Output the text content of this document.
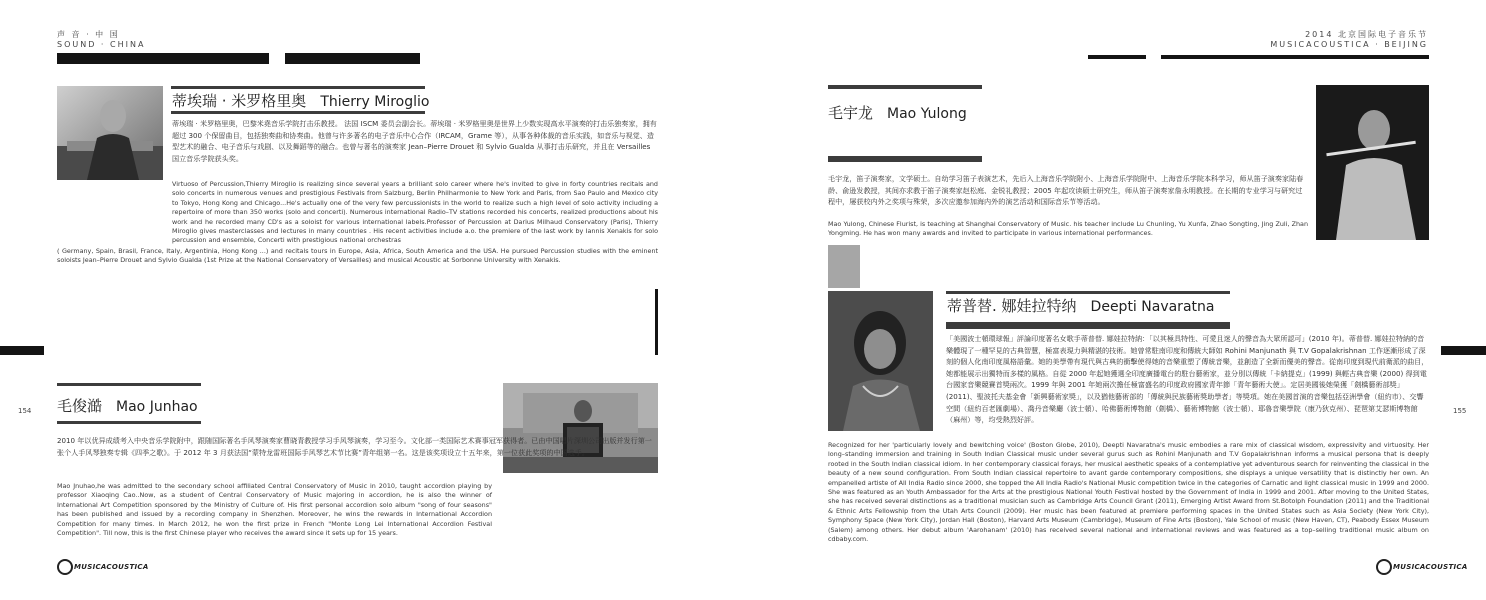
声 音 · 中 国
SOUND · CHINA
2014 北京国际电子音乐节
MUSICACOUSTICA · BEIJING
蒂埃瑞 · 米罗格里奥 Thierry Miroglio
蒂埃瑞 · 米罗格里奥，巴黎米堯音乐学院打击乐教授。 法国 ISCM 委员会副会长。蒂埃瑞 · 米罗格里奥是世界上少数实现高水平演奏的打击乐独奏家，拥有超过 300 个保留曲目，包括独奏曲和协奏曲。他曾与许多著名的电子音乐中心合作（IRCAM，Grame 等），从事各种体裁的音乐实践，如音乐与视觉、造型艺术的融合、电子音乐与戏剧、以及舞蹈等的融合。也曾与著名的演奏家 Jean–Pierre Drouet 和 Sylvio Gualda 从事打击乐研究，并且在 Versailles 国立音乐学院获头奖。
Virtuoso of Percussion,Thierry Miroglio is realizing since several years a brilliant solo career where he's invited to give in forty countries recitals and solo concerts in numerous venues and prestigious Festivals from Salzburg, Berlin Philharmonie to New York and Paris, from Sao Paulo and Mexico city to Tokyo, Hong Kong and Chicago...He's actually one of the very few percussionists in the world to realize such a high level of solo activity including a repertoire of more than 350 works (solo and concerti). Numerous international Radio–TV stations recorded his concerts, realized productions about his work and he recorded many CD's as a soloist for various international labels.Professor of Percussion at Darius Milhaud Conservatory (Paris), Thierry Miroglio gives masterclasses and lectures in many countries . His recent activities include a.o. the premiere of the last work by Iannis Xenakis for solo percussion and ensemble, Concerti with prestigious national orchestras
( Germany, Spain, Brasil, France, Italy, Argentinia, Hong Kong ...) and recitals tours in Europe, Asia, Africa, South America and the USA. He pursued Percussion studies with the eminent soloists Jean–Pierre Drouet and Sylvio Gualda (1st Prize at the National Conservatory of Versailles) and musical Acoustic at Sorbonne University with Xenakis.
毛俊澔 Mao Junhao
154
2010 年以优异成绩考入中央音乐学院附中，跟随国际著名手风琴演奏家曹晓青教授学习手风琴演奏，学习至今。文化部一类国际艺术赛事冠军获得者。已由中国唱片深圳公司出版并发行第一张个人手风琴独奏专辑《四季之歌》。于 2012 年 3 月获法国“蒙特龙雷班国际手风琴艺术节比赛”青年组第一名。这是该奖项设立十五年来，第一位获此奖项的中国选手。
Mao Jnuhao,he was admitted to the secondary school affiliated Central Conservatory of Music in 2010, taught accordion playing by professor Xiaoqing Cao..Now, as a student of Central Conservatory of Music majoring in accordion, he is also the winner of International Art Competition sponsored by the Ministry of Culture of. His first personal accordion solo album "song of four seasons" has been published and issued by a recording company in Shenzhen. Moreover, he wins the rewards in International Accordion Competition for many times. In March 2012, he won the first prize in French "Monte Long Lei International Accordion Festival Competition". Till now, this is the first Chinese player who receives the award since it sets up for 15 years.
MUSICACOUSTICA
毛宇龙 Mao Yulong
毛宇龙，笛子演奏家，文学硕士。自幼学习笛子表演艺术，先后入上海音乐学院附小、上海音乐学院附中、上海音乐学院本科学习，师从笛子演奏家陆春龄、俞逊发教授，其间亦求教于笛子演奏家赵松庭、金锐礼教授；2005 年起攻读硕士研究生，师从笛子演奏家詹永明教授。在长期的专业学习与研究过程中，屡获校内外之奖项与殊荣，多次应邀参加海内外的演艺活动和国际音乐节等活动。
Mao Yulong, Chinese Flurist, is teaching at Shanghai Conservatory of Music. his teacher include Lu Chunling, Yu Xunfa, Zhao Songting, Jing Zuli, Zhan Yongming. He has won many awards and invited to participate in various international performances.
蒂普替. 娜娃拉特纳 Deepti Navaratna
「美國波士頓環球報」評論印度著名女歌手蒂普替. 娜娃拉特納：「以其極具特性、可愛且迷人的聲音為大眾所認可」(2010 年)。蒂普替. 娜娃拉特納的音樂體現了一種罕見的古典智慧，極富表現力與精湛的技術。她曾常駐南印度和傳統大師如 Rohini Manjunath 與 T.V Gopalakrishnan 工作逐漸形成了深刻的個人化南印度風格語彙。她的美學帶有現代與古典的衝擊使得她的音樂重塑了傳統音樂，並創造了全新而優美的聲音。從南印度到現代前衛派的曲目，她都能展示出獨特而多樣的風格。自從 2000 年起她獲選全印度廣播電台的駐台藝術家，並分別以傳統「卡納提克」(1999) 與輕古典音樂 (2000) 得到電台國家音樂競賽首獎兩次。1999 年與 2001 年她兩次擔任極富盛名的印度政府國家青年節「青年藝術大使」。定居美國後她榮獲「劍橋藝術部獎」(2011)、聖波托夫基金會「新興藝術家獎」，以及猶他藝術部的「傳統與民族藝術獎助學者」等獎項。她在美國首演的音樂包括亞洲學會（紐約市）、交響空間（紐約百老匯劇場）、喬丹音樂廳（波士頓）、哈佛藝術博物館（劍橋）、藝術博物館（波士頓）、耶魯音樂學院（康乃狄克州）、琵琶第艾瑟斯博物館（麻州）等，均受熱烈好評。
155
Recognized for her 'particularly lovely and bewitching voice' (Boston Globe, 2010), Deepti Navaratna's music embodies a rare mix of classical wisdom, expressivity and virtuosity. Her long–standing immersion and training in South Indian Classical music under several gurus such as Rohini Manjunath and T.V Gopalakrishnan informs a musical persona that is deeply rooted in the South Indian classical idiom. In her contemporary classical forays, her musical aesthetic speaks of a contemplative yet adventurous search for reinventing the classical in the beauty of a new sound configuration. From South Indian classical repertoire to avant garde contemporary compositions, she displays a unique versatility that is distinctly her own. An empanelled artiste of All India Radio since 2000, she topped the All India Radio's National Music competition twice in the categories of Carnatic and light classical music in 1999 and 2000. She was featured as an Youth Ambassador for the Arts at the prestigious National Youth Festival hosted by the Government of India in 1999 and 2001. After moving to the United States, she has received several distinctions as a traditional musician such as Cambridge Arts Council Grant (2011), Emerging Artist Award from St.Botolph Foundation (2011) and the Traditional & Ethnic Arts Fellowship from the Utah Arts Council (2009). Her music has been featured at premiere performing spaces in the United States such as Asia Society (New York City), Symphony Space (New York City), Jordan Hall (Boston), Harvard Arts Museum (Cambridge), Museum of Fine Arts (Boston), Yale School of music (New Haven, CT), Peabody Essex Museum (Salem) among others. Her debut album 'Aarohanam' (2010) has received several national and international reviews and was featured as a top–selling traditional music album on cdbaby.com.
MUSICACOUSTICA
